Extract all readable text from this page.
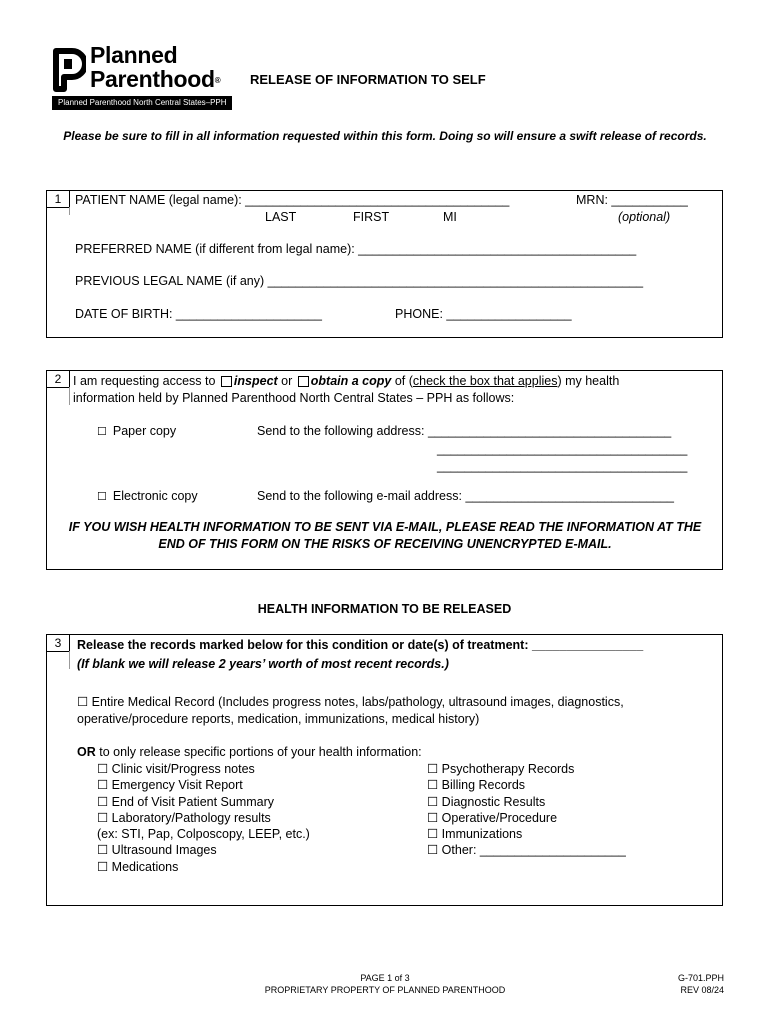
Planned
Parenthood®
Planned Parenthood North Central States–PPH
RELEASE OF INFORMATION TO SELF
Please be sure to fill in all information requested within this form. Doing so will ensure a swift release of records.
1	PATIENT NAME (legal name): ______________________________________	MRN: ___________
LAST	FIRST	MI	(optional)
PREFERRED NAME (if different from legal name): ________________________________________
PREVIOUS LEGAL NAME (if any) ______________________________________________________
DATE OF BIRTH: _____________________	PHONE: __________________
2 I am requesting access to inspect or obtain a copy of (check the box that applies) my health
information held by Planned Parenthood North Central States – PPH as follows:
☐ Paper copy	Send to the following address: ___________________________________
____________________________________
____________________________________
☐ Electronic copy	Send to the following e-mail address: ______________________________
IF YOU WISH HEALTH INFORMATION TO BE SENT VIA E-MAIL, PLEASE READ THE INFORMATION AT THE END OF THIS FORM ON THE RISKS OF RECEIVING UNENCRYPTED E-MAIL.
HEALTH INFORMATION TO BE RELEASED
3	Release the records marked below for this condition or date(s) of treatment: ________________
(If blank we will release 2 years’ worth of most recent records.)
☐ Entire Medical Record (Includes progress notes, labs/pathology, ultrasound images, diagnostics,
operative/procedure reports, medication, immunizations, medical history)
OR to only release specific portions of your health information:
☐ Clinic visit/Progress notes
☐ Emergency Visit Report
☐ End of Visit Patient Summary
☐ Laboratory/Pathology results
(ex: STI, Pap, Colposcopy, LEEP, etc.)
☐ Ultrasound Images
☐ Medications
☐ Psychotherapy Records
☐ Billing Records
☐ Diagnostic Results
☐ Operative/Procedure
☐ Immunizations
☐ Other: _____________________
PAGE 1 of 3
PROPRIETARY PROPERTY OF PLANNED PARENTHOOD
G-701.PPH
REV 08/24
